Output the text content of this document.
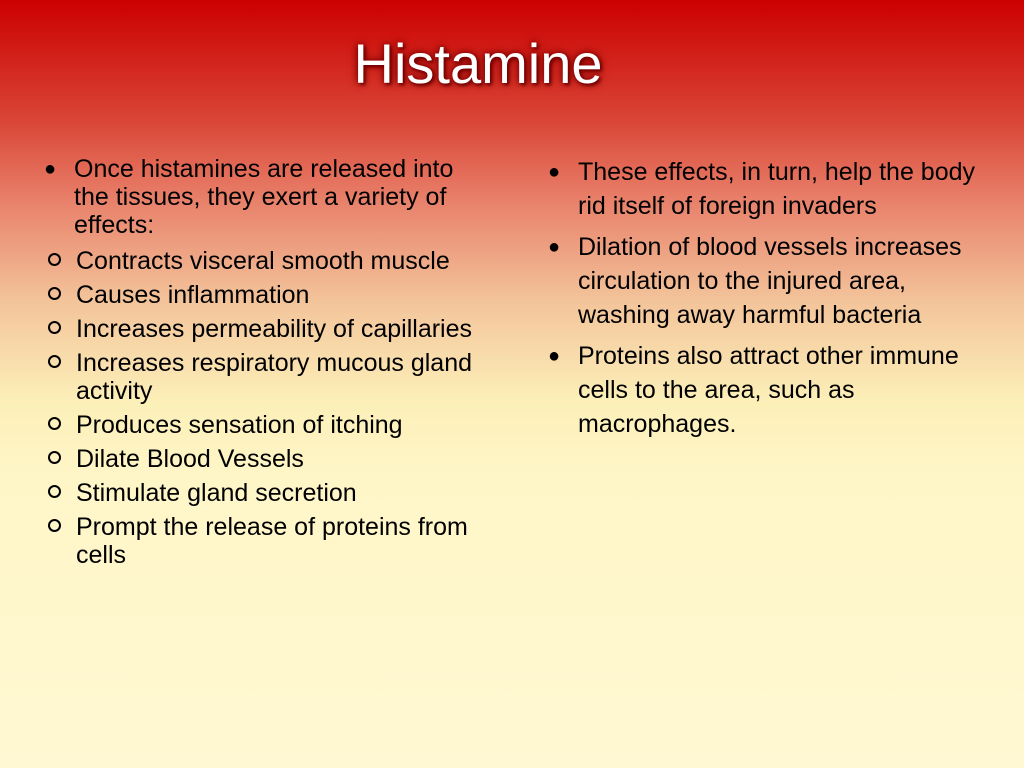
Histamine
● Once histamines are released into the tissues, they exert a variety of effects:
Contracts visceral smooth muscle
Causes inflammation
Increases permeability of capillaries
Increases respiratory mucous gland activity
Produces sensation of itching
Dilate Blood Vessels
Stimulate gland secretion
Prompt the release of proteins from cells
● These effects, in turn, help the body rid itself of foreign invaders
● Dilation of blood vessels increases circulation to the injured area, washing away harmful bacteria
● Proteins also attract other immune cells to the area, such as macrophages.
